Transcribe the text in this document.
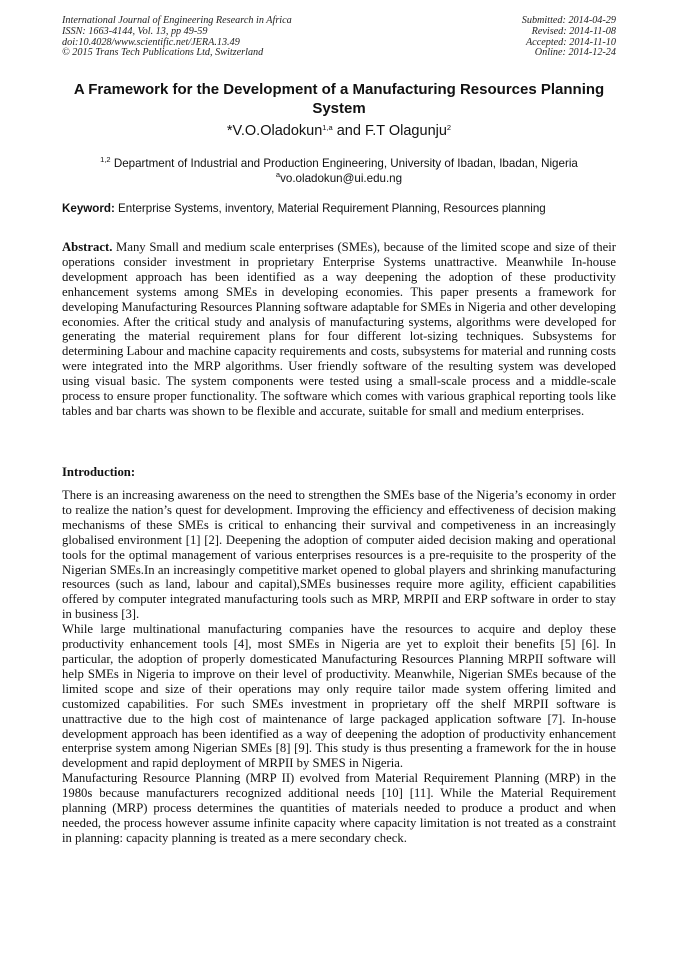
International Journal of Engineering Research in Africa
ISSN: 1663-4144, Vol. 13, pp 49-59
doi:10.4028/www.scientific.net/JERA.13.49
© 2015 Trans Tech Publications Ltd, Switzerland
Submitted: 2014-04-29
Revised: 2014-11-08
Accepted: 2014-11-10
Online: 2014-12-24
A Framework for the Development of a Manufacturing Resources Planning System
*V.O.Oladokun$^{1,a}$ and F.T Olagunju$^2$
$^{1,2}$ Department of Industrial and Production Engineering, University of Ibadan, Ibadan, Nigeria
$^a$vo.oladokun@ui.edu.ng
Keyword: Enterprise Systems, inventory, Material Requirement Planning, Resources planning
Abstract. Many Small and medium scale enterprises (SMEs), because of the limited scope and size of their operations consider investment in proprietary Enterprise Systems unattractive. Meanwhile In-house development approach has been identified as a way deepening the adoption of these productivity enhancement systems among SMEs in developing economies. This paper presents a framework for developing Manufacturing Resources Planning software adaptable for SMEs in Nigeria and other developing economies. After the critical study and analysis of manufacturing systems, algorithms were developed for generating the material requirement plans for four different lot-sizing techniques. Subsystems for determining Labour and machine capacity requirements and costs, subsystems for material and running costs were integrated into the MRP algorithms. User friendly software of the resulting system was developed using visual basic. The system components were tested using a small-scale process and a middle-scale process to ensure proper functionality. The software which comes with various graphical reporting tools like tables and bar charts was shown to be flexible and accurate, suitable for small and medium enterprises.
Introduction:

There is an increasing awareness on the need to strengthen the SMEs base of the Nigeria’s economy in order to realize the nation’s quest for development. Improving the efficiency and effectiveness of decision making mechanisms of these SMEs is critical to enhancing their survival and competiveness in an increasingly globalised environment [1] [2]. Deepening the adoption of computer aided decision making and operational tools for the optimal management of various enterprises resources is a pre-requisite to the prosperity of the Nigerian SMEs.In an increasingly competitive market opened to global players and shrinking manufacturing resources (such as land, labour and capital),SMEs businesses require more agility, efficient capabilities offered by computer integrated manufacturing tools such as MRP, MRPII and ERP software in order to stay in business [3].

While large multinational manufacturing companies have the resources to acquire and deploy these productivity enhancement tools [4], most SMEs in Nigeria are yet to exploit their benefits [5] [6]. In particular, the adoption of properly domesticated Manufacturing Resources Planning MRPII software will help SMEs in Nigeria to improve on their level of productivity. Meanwhile, Nigerian SMEs because of the limited scope and size of their operations may only require tailor made system offering limited and customized capabilities. For such SMEs investment in proprietary off the shelf MRPII software is unattractive due to the high cost of maintenance of large packaged application software [7]. In-house development approach has been identified as a way of deepening the adoption of productivity enhancement enterprise system among Nigerian SMEs [8] [9]. This study is thus presenting a framework for the in house development and rapid deployment of MRPII by SMES in Nigeria.

Manufacturing Resource Planning (MRP II) evolved from Material Requirement Planning (MRP) in the 1980s because manufacturers recognized additional needs [10] [11]. While the Material Requirement planning (MRP) process determines the quantities of materials needed to produce a product and when needed, the process however assume infinite capacity where capacity limitation is not treated as a constraint in planning: capacity planning is treated as a mere secondary check.
